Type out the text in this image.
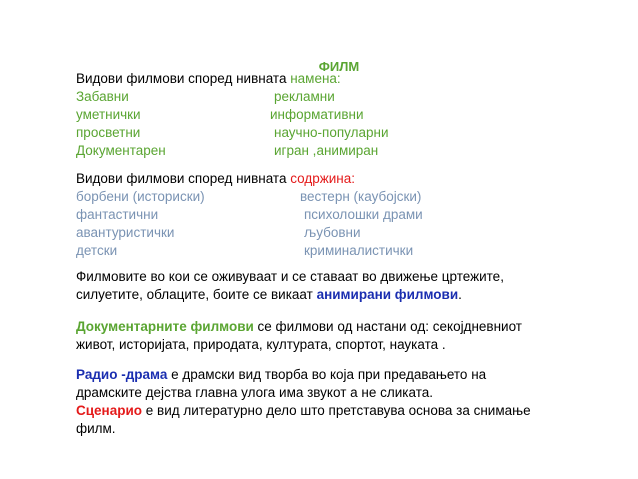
ФИЛМ
Видови филмови според нивната намена:
Забавни
уметнички
просветни
Документарен
рекламни
информативни
научно-популарни
игран ,анимиран
Видови филмови според нивната содржина:
борбени (историски)
фантастични
авантуристички
детски
вестерн (каубојски)
психолошки драми
љубовни
криминалистички
Филмовите во кои се оживуваат и се ставаат во движење цртежите,
силуетите, облаците, боите се викаат анимирани филмови.
Документарните филмови се филмови од настани од: секојдневниот
живот, историјата, природата, културата, спортот, науката .
Радио -драма е драмски вид творба во која при предавањето на
драмските дејства главна улога има звукот а не сликата.
Сценарио е вид литературно дело што претставува основа за снимање
филм.
